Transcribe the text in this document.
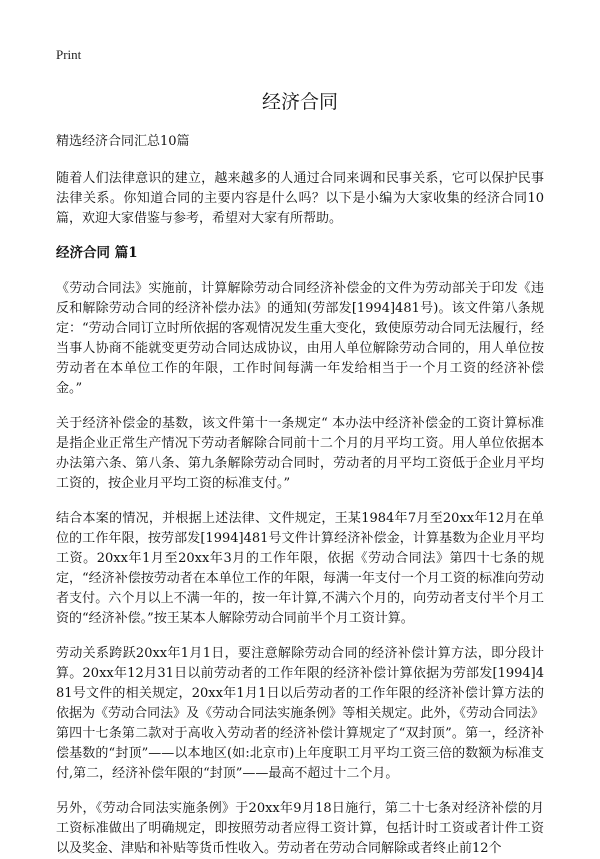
Print
经济合同
精选经济合同汇总10篇

随着人们法律意识的建立，越来越多的人通过合同来调和民事关系，它可以保护民事法律关系。你知道合同的主要内容是什么吗？以下是小编为大家收集的经济合同10篇，欢迎大家借鉴与参考，希望对大家有所帮助。

经济合同 篇1

《劳动合同法》实施前，计算解除劳动合同经济补偿金的文件为劳动部关于印发《违反和解除劳动合同的经济补偿办法》的通知(劳部发[1994]481号)。该文件第八条规定：“劳动合同订立时所依据的客观情况发生重大变化，致使原劳动合同无法履行，经当事人协商不能就变更劳动合同达成协议，由用人单位解除劳动合同的，用人单位按劳动者在本单位工作的年限，工作时间每满一年发给相当于一个月工资的经济补偿金。”

关于经济补偿金的基数，该文件第十一条规定“ 本办法中经济补偿金的工资计算标准是指企业正常生产情况下劳动者解除合同前十二个月的月平均工资。用人单位依据本办法第六条、第八条、第九条解除劳动合同时，劳动者的月平均工资低于企业月平均工资的，按企业月平均工资的标准支付。”

结合本案的情况，并根据上述法律、文件规定，王某1984年7月至20xx年12月在单位的工作年限，按劳部发[1994]481号文件计算经济补偿金，计算基数为企业月平均工资。20xx年1月至20xx年3月的工作年限，依据《劳动合同法》第四十七条的规定，“经济补偿按劳动者在本单位工作的年限，每满一年支付一个月工资的标准向劳动者支付。六个月以上不满一年的，按一年计算,不满六个月的，向劳动者支付半个月工资的“经济补偿。”按王某本人解除劳动合同前半个月工资计算。

劳动关系跨跃20xx年1月1日，要注意解除劳动合同的经济补偿计算方法，即分段计算。20xx年12月31日以前劳动者的工作年限的经济补偿计算依据为劳部发[1994]481号文件的相关规定，20xx年1月1日以后劳动者的工作年限的经济补偿计算方法的依据为《劳动合同法》及《劳动合同法实施条例》等相关规定。此外，《劳动合同法》第四十七条第二款对于高收入劳动者的经济补偿计算规定了“双封顶”。第一，经济补偿基数的“封顶”——以本地区(如:北京市)上年度职工月平均工资三倍的数额为标准支付,第二，经济补偿年限的“封顶”——最高不超过十二个月。

另外，《劳动合同法实施条例》于20xx年9月18日施行，第二十七条对经济补偿的月工资标准做出了明确规定，即按照劳动者应得工资计算，包括计时工资或者计件工资以及奖金、津贴和补贴等货币性收入。劳动者在劳动合同解除或者终止前12个
